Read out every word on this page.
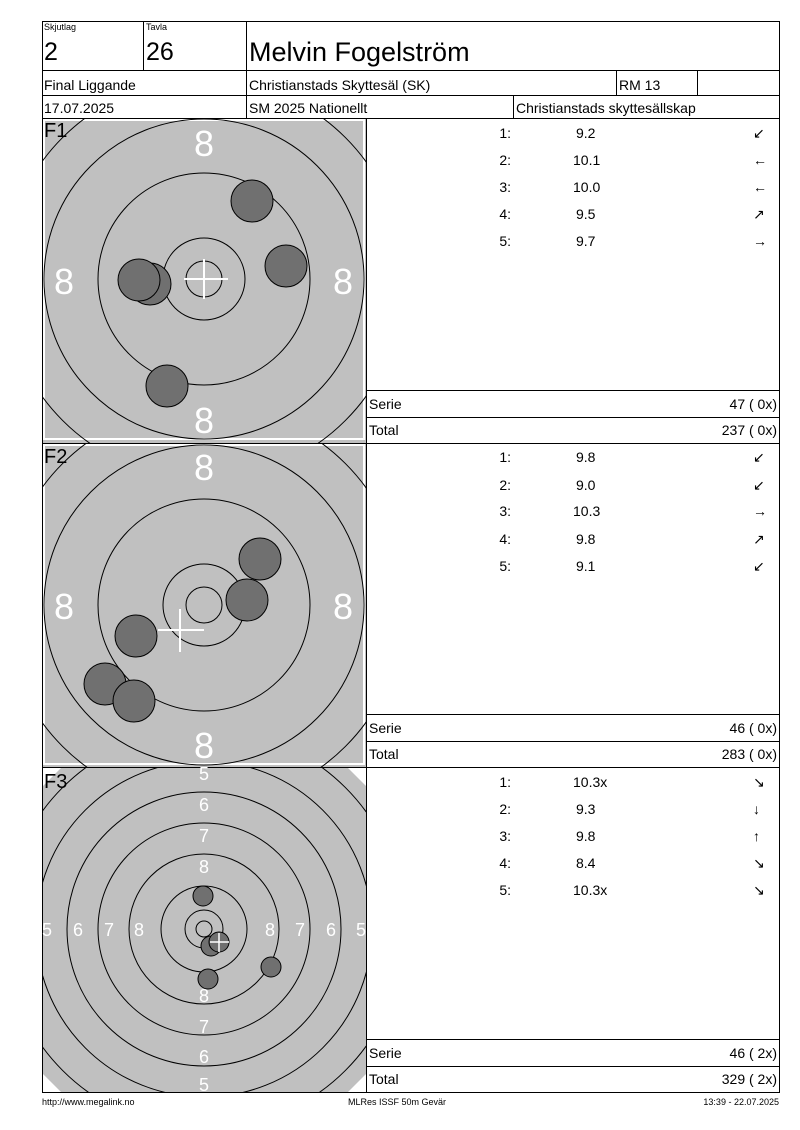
Skjutlag
2
Tavla
26	Melvin Fogelström
Final Liggande	Christianstads Skyttesäl (SK)	RM 13
17.07.2025	SM 2025 Nationellt	Christianstads skyttesällskap
8
8	8
8
F1	1:	9.2	↙
2:	10.1	←
3:	10.0	←
4:	9.5	↗
5:	9.7	→
Serie	47 ( 0x)
Total	237 ( 0x)
8
8	8
8
F2	1:	9.8	↙
2:	9.0	↙
3:	10.3	→
4:	9.8	↗
5:	9.1	↙
Serie	46 ( 0x)
Total	283 ( 0x)
5
6
7
8
8
7
6
5
5 6 7 8	8 7 6 5
F3	1:	10.3x	↘
2:	9.3	↓
3:	9.8	↑
4:	8.4	↘
5:	10.3x	↘
Serie	46 ( 2x)
Total	329 ( 2x)
http://www.megalink.no	MLRes ISSF 50m Gevär	13:39 - 22.07.2025
